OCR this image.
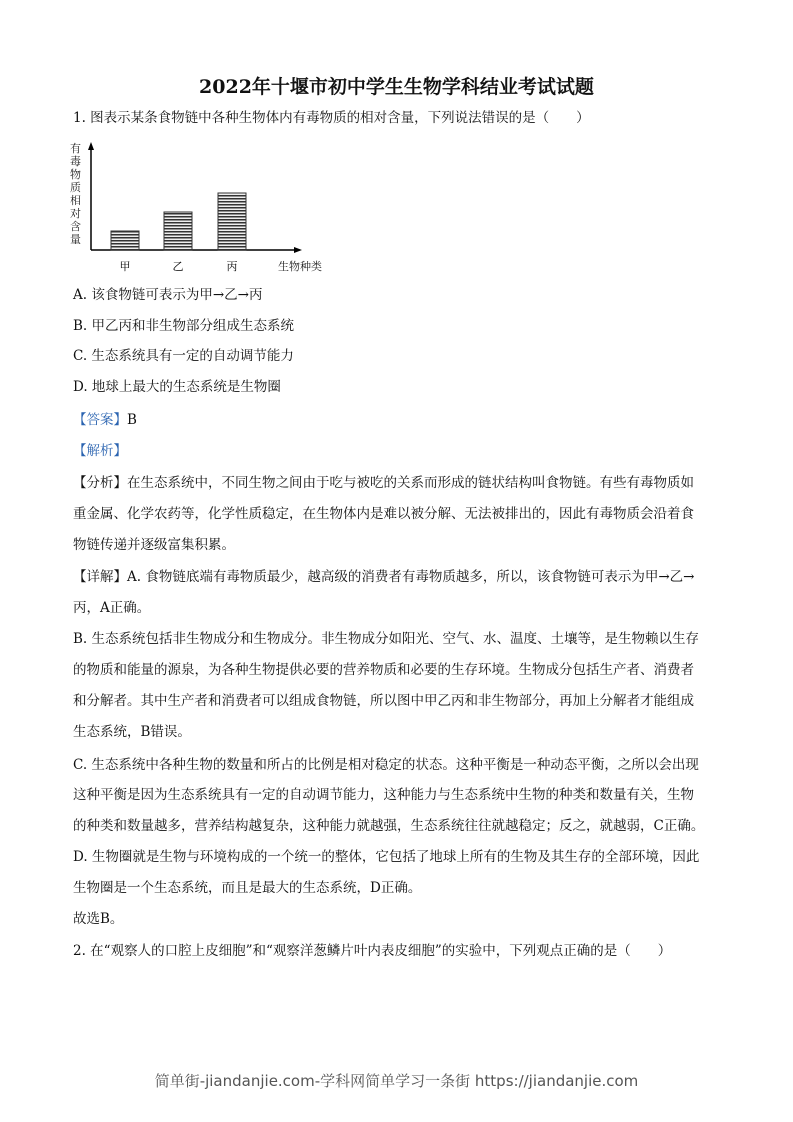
2022年十堰市初中学生生物学科结业考试试题
1. 图表示某条食物链中各种生物体内有毒物质的相对含量，下列说法错误的是（　　）
甲	乙	丙
有
毒
物
质
相
对
含
量
生物种类
简单街-jiandanjie.com-学科网简单学习一条街 https://jiandanjie.com
A. 该食物链可表示为甲→乙→丙
B. 甲乙丙和非生物部分组成生态系统
C. 生态系统具有一定的自动调节能力
D. 地球上最大的生态系统是生物圈
【答案】B
【解析】
【分析】在生态系统中，不同生物之间由于吃与被吃的关系而形成的链状结构叫食物链。有些有毒物质如
重金属、化学农药等，化学性质稳定，在生物体内是难以被分解、无法被排出的，因此有毒物质会沿着食
物链传递并逐级富集积累。
【详解】A. 食物链底端有毒物质最少，越高级的消费者有毒物质越多，所以，该食物链可表示为甲→乙→
丙，A正确。
B. 生态系统包括非生物成分和生物成分。非生物成分如阳光、空气、水、温度、土壤等，是生物赖以生存
的物质和能量的源泉，为各种生物提供必要的营养物质和必要的生存环境。生物成分包括生产者、消费者
和分解者。其中生产者和消费者可以组成食物链，所以图中甲乙丙和非生物部分，再加上分解者才能组成
生态系统，B错误。
C. 生态系统中各种生物的数量和所占的比例是相对稳定的状态。这种平衡是一种动态平衡，之所以会出现
这种平衡是因为生态系统具有一定的自动调节能力，这种能力与生态系统中生物的种类和数量有关，生物
的种类和数量越多，营养结构越复杂，这种能力就越强，生态系统往往就越稳定；反之，就越弱，C正确。
D. 生物圈就是生物与环境构成的一个统一的整体，它包括了地球上所有的生物及其生存的全部环境，因此
生物圈是一个生态系统，而且是最大的生态系统，D正确。
故选B。
2. 在“观察人的口腔上皮细胞”和“观察洋葱鳞片叶内表皮细胞”的实验中，下列观点正确的是（　　）
